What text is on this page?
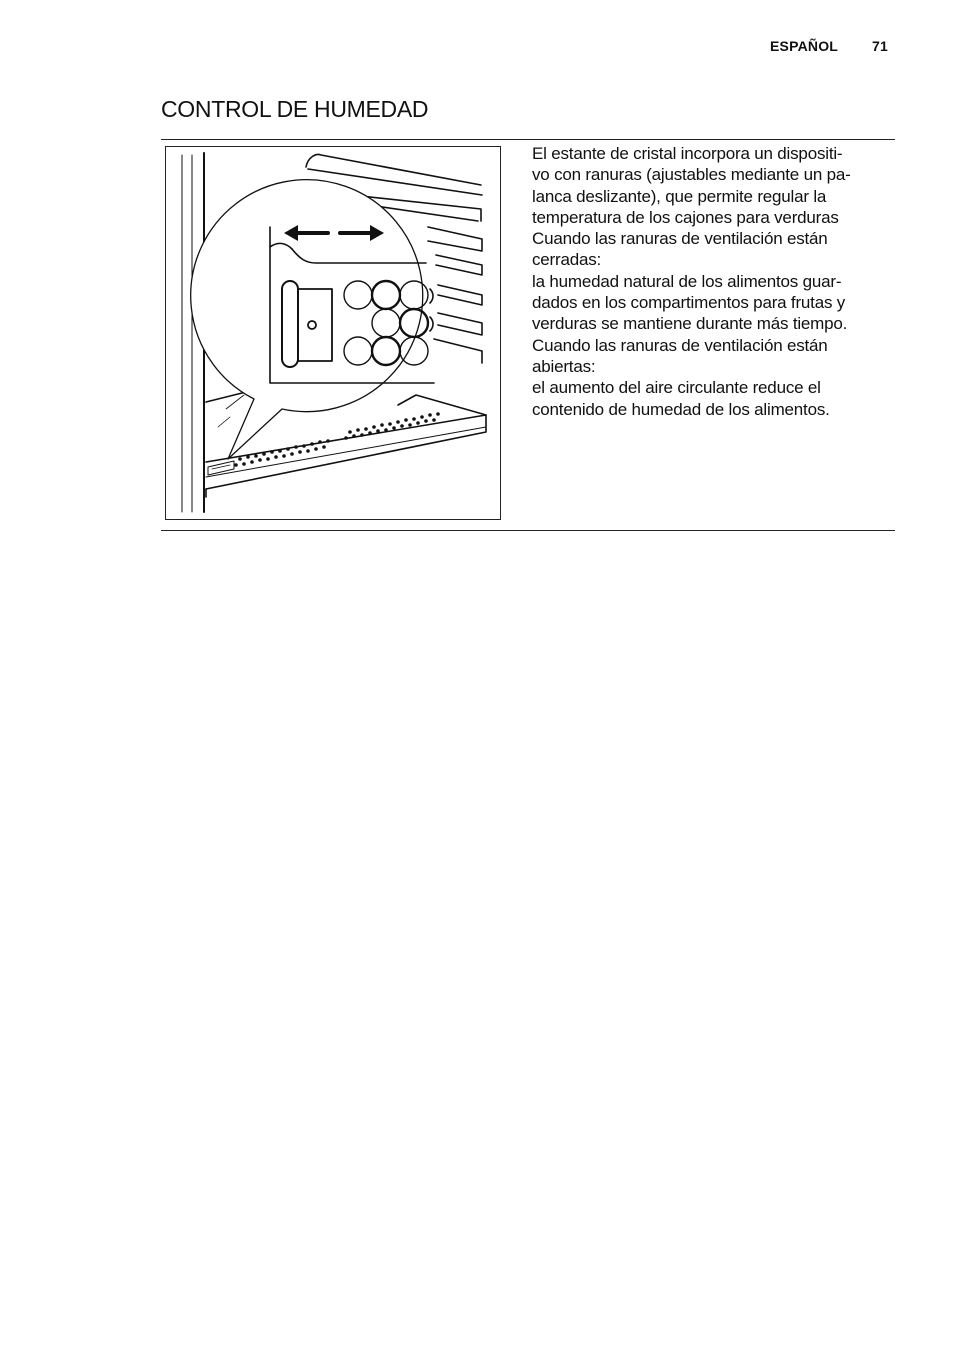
ESPAÑOL 71
CONTROL DE HUMEDAD

El estante de cristal incorpora un dispositi-

vo con ranuras (ajustables mediante un pa-

lanca deslizante), que permite regular la

temperatura de los cajones para verduras

Cuando las ranuras de ventilación están

cerradas:

la humedad natural de los alimentos guar-

dados en los compartimentos para frutas y

verduras se mantiene durante más tiempo.

Cuando las ranuras de ventilación están

abiertas:

el aumento del aire circulante reduce el

contenido de humedad de los alimentos.
